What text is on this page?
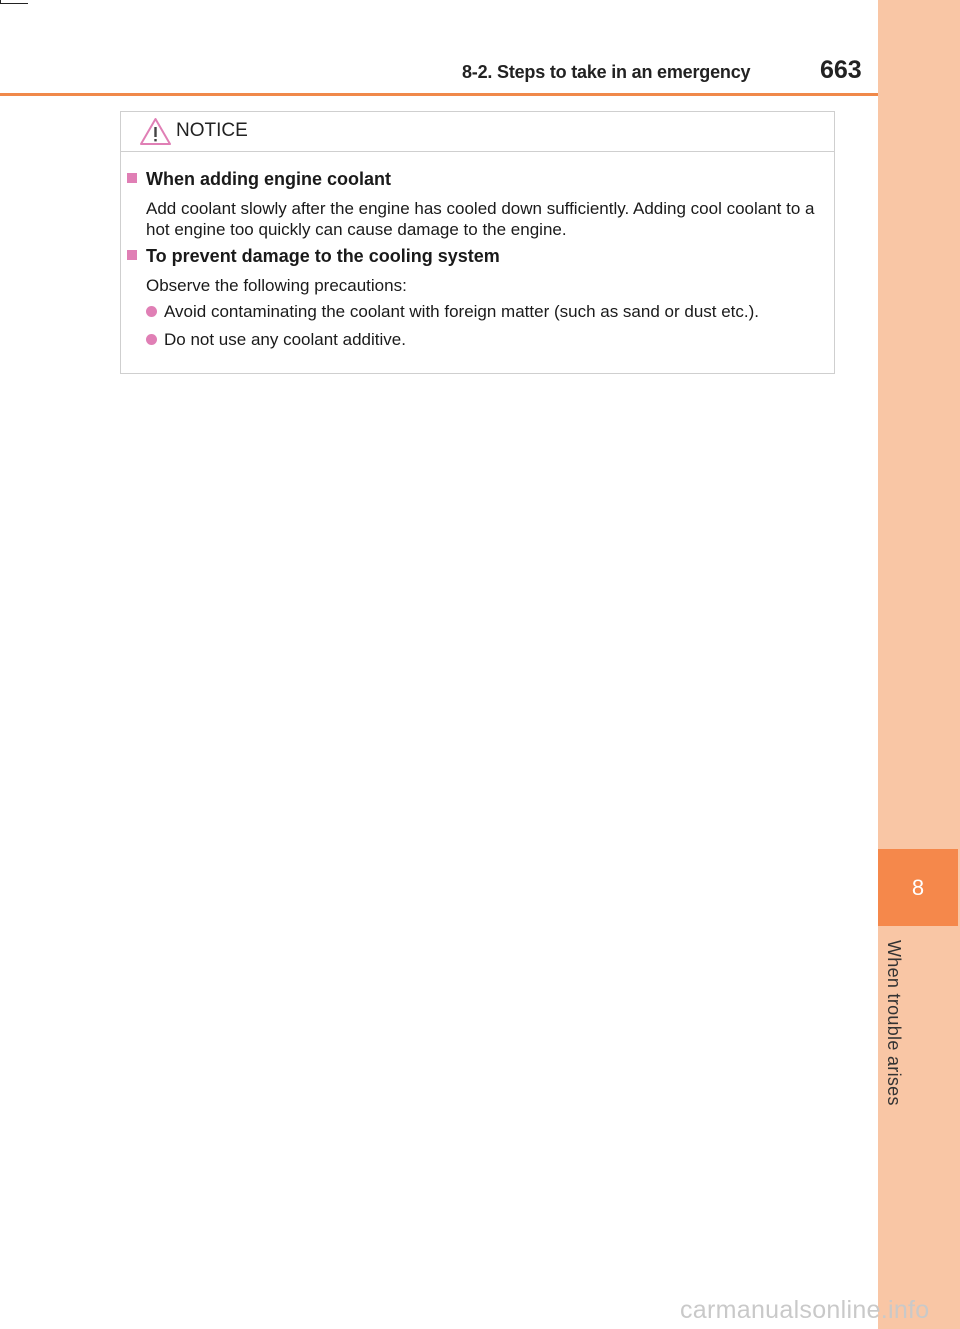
8
When trouble arises
8-2. Steps to take in an emergency	663
NOTICE
When adding engine coolant
Add coolant slowly after the engine has cooled down sufficiently. Adding cool coolant to a hot engine too quickly can cause damage to the engine.
To prevent damage to the cooling system
Observe the following precautions:
Avoid contaminating the coolant with foreign matter (such as sand or dust etc.).
Do not use any coolant additive.
carmanualsonline.info
